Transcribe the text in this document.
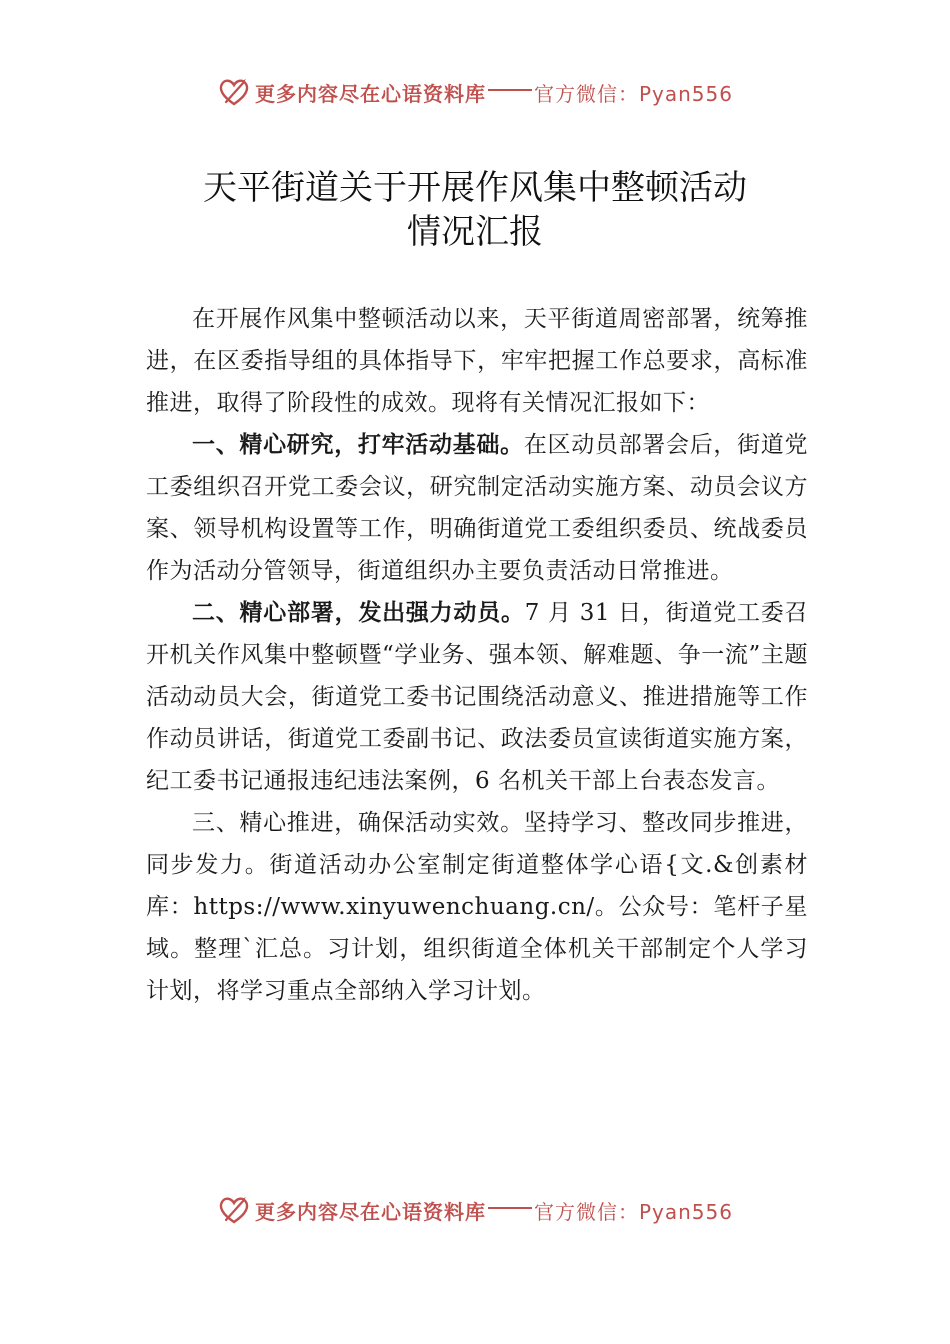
更多内容尽在心语资料库 官方微信：Pyan556
天平街道关于开展作风集中整顿活动
情况汇报

在开展作风集中整顿活动以来，天平街道周密部署，统筹推进，在区委指导组的具体指导下，牢牢把握工作总要求，高标准推进，取得了阶段性的成效。现将有关情况汇报如下：

一、精心研究，打牢活动基础。在区动员部署会后，街道党工委组织召开党工委会议，研究制定活动实施方案、动员会议方案、领导机构设置等工作，明确街道党工委组织委员、统战委员作为活动分管领导，街道组织办主要负责活动日常推进。

二、精心部署，发出强力动员。7 月 31 日，街道党工委召开机关作风集中整顿暨“学业务、强本领、解难题、争一流”主题活动动员大会，街道党工委书记围绕活动意义、推进措施等工作作动员讲话，街道党工委副书记、政法委员宣读街道实施方案，纪工委书记通报违纪违法案例，6 名机关干部上台表态发言。

三、精心推进，确保活动实效。坚持学习、整改同步推进，同步发力。街道活动办公室制定街道整体学心语{文.&创素材库：https://www.xinyuwenchuang.cn/。公众号：笔杆子星域。整理`汇总。习计划，组织街道全体机关干部制定个人学习计划，将学习重点全部纳入学习计划。

更多内容尽在心语资料库 官方微信：Pyan556
